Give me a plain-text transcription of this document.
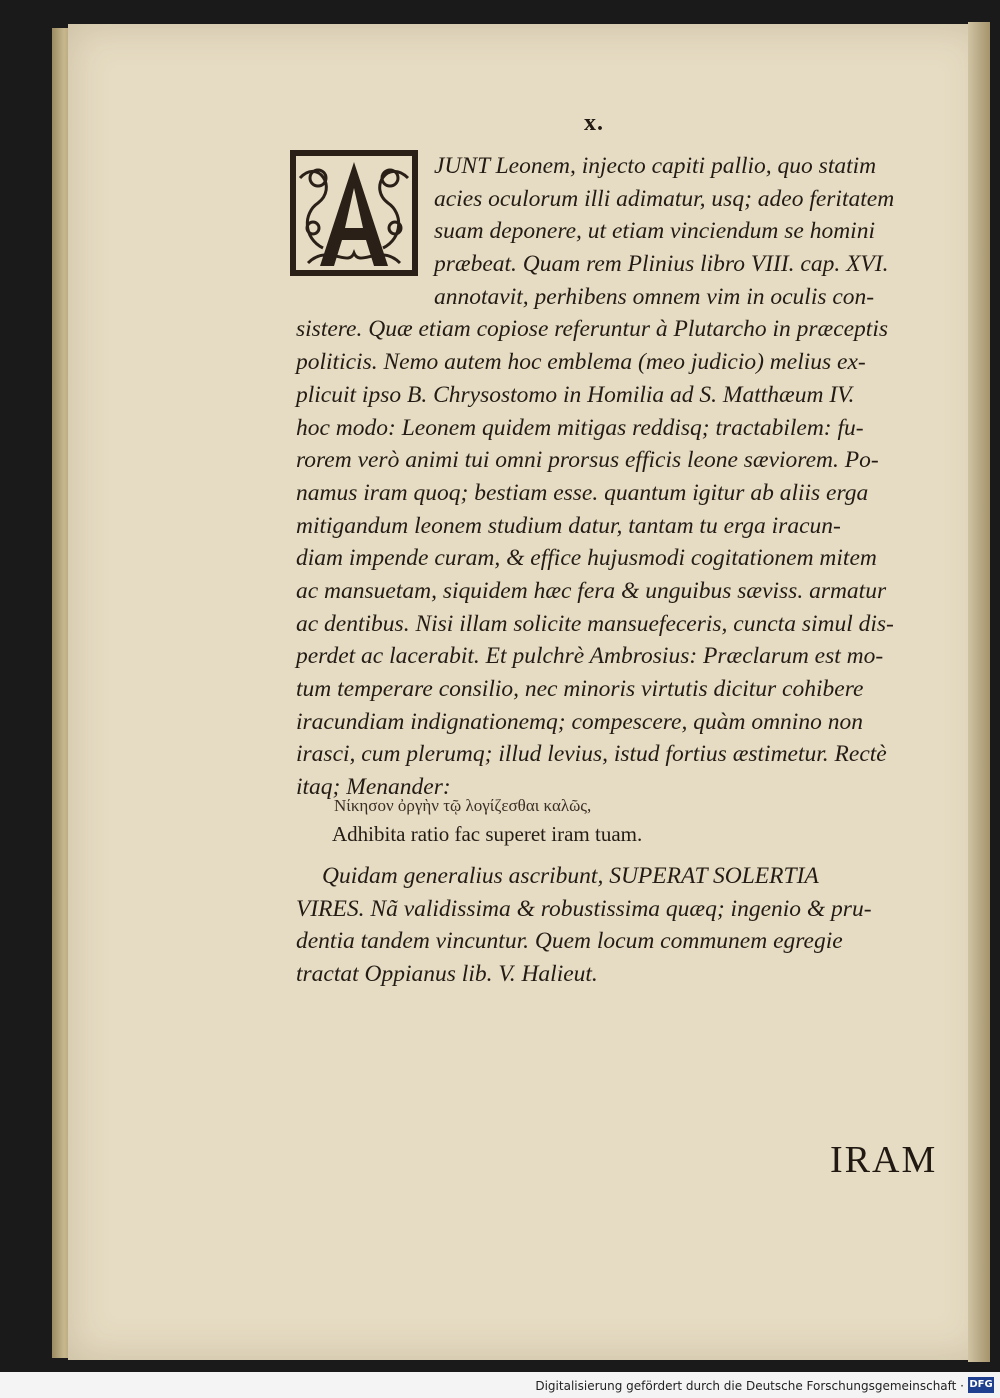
x.
JUNT Leonem, injecto capiti pallio, quo statim
acies oculorum illi adimatur, usq; adeo feritatem
suam deponere, ut etiam vinciendum se homini
præbeat. Quam rem Plinius libro VIII. cap. XVI.
annotavit, perhibens omnem vim in oculis con-
sistere. Quæ etiam copiose referuntur à Plutarcho in præceptis
politicis. Nemo autem hoc emblema (meo judicio) melius ex-
plicuit ipso B. Chrysostomo in Homilia ad S. Matthæum IV.
hoc modo: Leonem quidem mitigas reddisq; tractabilem: fu-
rorem verò animi tui omni prorsus efficis leone sæviorem. Po-
namus iram quoq; bestiam esse. quantum igitur ab aliis erga
mitigandum leonem studium datur, tantam tu erga iracun-
diam impende curam, & effice hujusmodi cogitationem mitem
ac mansuetam, siquidem hæc fera & unguibus sæviss. armatur
ac dentibus. Nisi illam solicite mansuefeceris, cuncta simul dis-
perdet ac lacerabit. Et pulchrè Ambrosius: Præclarum est mo-
tum temperare consilio, nec minoris virtutis dicitur cohibere
iracundiam indignationemq; compescere, quàm omnino non
irasci, cum plerumq; illud levius, istud fortius æstimetur. Rectè
itaq; Menander:
Νίκησον ὀργὴν τῷ λογίζεσθαι καλῶς,
Adhibita ratio fac superet iram tuam.
Quidam generalius ascribunt, SUPERAT SOLERTIA
VIRES. Nã validissima & robustissima quæq; ingenio & pru-
dentia tandem vincuntur. Quem locum communem egregie
tractat Oppianus lib. V. Halieut.
IRAM
Digitalisierung gefördert durch die Deutsche Forschungsgemeinschaft · DFG
